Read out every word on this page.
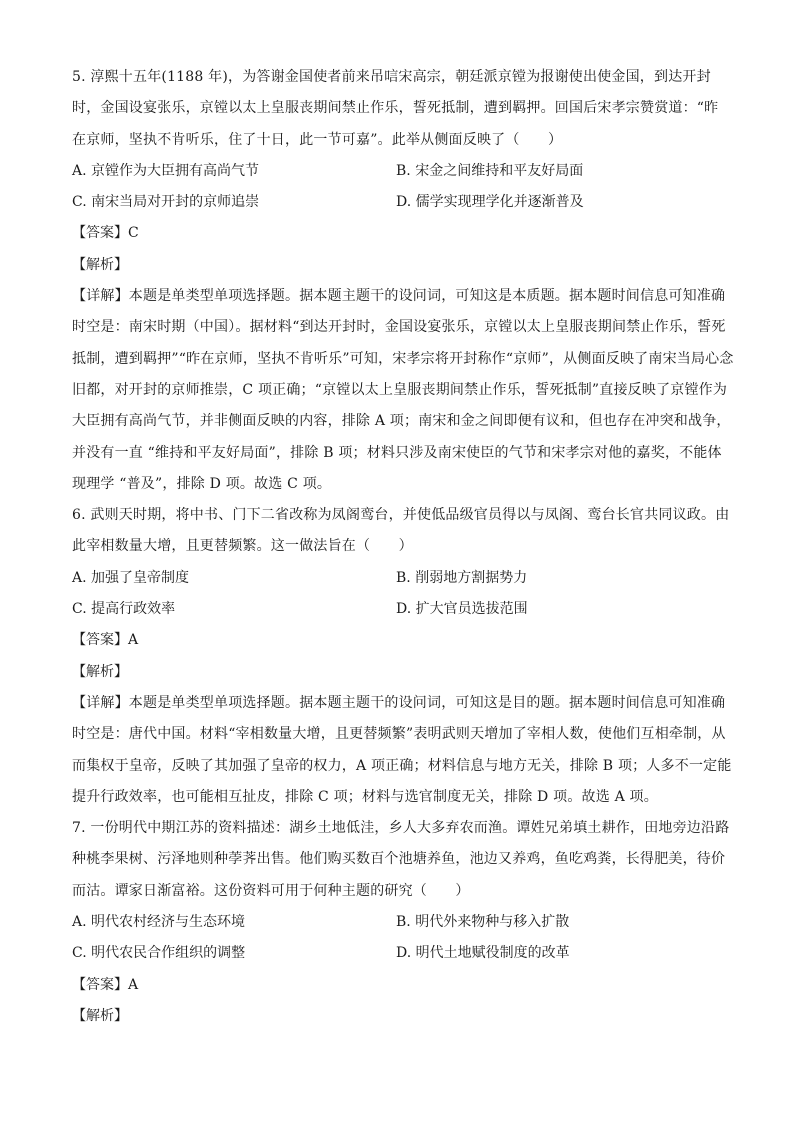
5. 淳熙十五年(1188 年)，为答谢金国使者前来吊唁宋高宗，朝廷派京镗为报谢使出使金国，到达开封
时，金国设宴张乐，京镗以太上皇服丧期间禁止作乐，誓死抵制，遭到羁押。回国后宋孝宗赞赏道：“昨
在京师，坚执不肯听乐，住了十日，此一节可嘉”。此举从侧面反映了（　　）
A. 京镗作为大臣拥有高尚气节	B. 宋金之间维持和平友好局面
C. 南宋当局对开封的京师追崇	D. 儒学实现理学化并逐渐普及
【答案】C
【解析】
【详解】本题是单类型单项选择题。据本题主题干的设问词，可知这是本质题。据本题时间信息可知准确
时空是：南宋时期（中国）。据材料“到达开封时，金国设宴张乐，京镗以太上皇服丧期间禁止作乐，誓死
抵制，遭到羁押”“昨在京师，坚执不肯听乐”可知，宋孝宗将开封称作“京师”，从侧面反映了南宋当局心念
旧都，对开封的京师推崇，C 项正确；“京镗以太上皇服丧期间禁止作乐，誓死抵制”直接反映了京镗作为
大臣拥有高尚气节，并非侧面反映的内容，排除 A 项；南宋和金之间即便有议和，但也存在冲突和战争，
并没有一直 “维持和平友好局面”，排除 B 项；材料只涉及南宋使臣的气节和宋孝宗对他的嘉奖，不能体
现理学 “普及”，排除 D 项。故选 C 项。
6. 武则天时期，将中书、门下二省改称为凤阁鸾台，并使低品级官员得以与凤阁、鸾台长官共同议政。由
此宰相数量大增，且更替频繁。这一做法旨在（　　）
A. 加强了皇帝制度	B. 削弱地方割据势力
C. 提高行政效率	D. 扩大官员选拔范围
【答案】A
【解析】
【详解】本题是单类型单项选择题。据本题主题干的设问词，可知这是目的题。据本题时间信息可知准确
时空是：唐代中国。材料“宰相数量大增，且更替频繁”表明武则天增加了宰相人数，使他们互相牵制，从
而集权于皇帝，反映了其加强了皇帝的权力，A 项正确；材料信息与地方无关，排除 B 项；人多不一定能
提升行政效率，也可能相互扯皮，排除 C 项；材料与选官制度无关，排除 D 项。故选 A 项。
7. 一份明代中期江苏的资料描述：湖乡土地低洼，乡人大多弃农而渔。谭姓兄弟填土耕作，田地旁边沿路
种桃李果树、污泽地则种荸荠出售。他们购买数百个池塘养鱼，池边又养鸡，鱼吃鸡粪，长得肥美，待价
而沽。谭家日渐富裕。这份资料可用于何种主题的研究（　　）
A. 明代农村经济与生态环境	B. 明代外来物种与移入扩散
C. 明代农民合作组织的调整	D. 明代土地赋役制度的改革
【答案】A
【解析】
